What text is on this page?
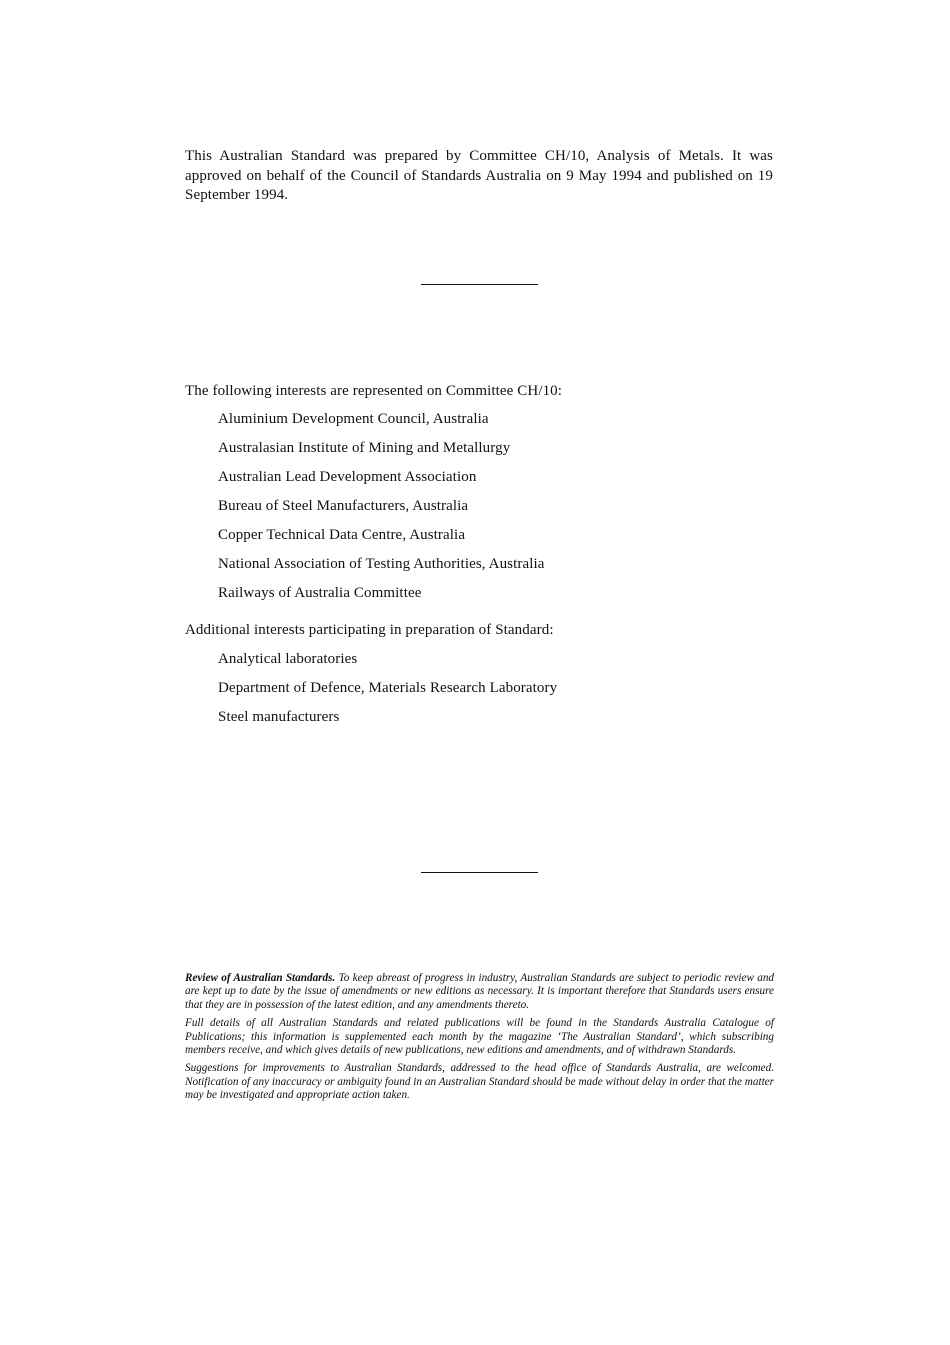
This Australian Standard was prepared by Committee CH/10, Analysis of Metals. It was approved on behalf of the Council of Standards Australia on 9 May 1994 and published on 19 September 1994.

The following interests are represented on Committee CH/10:

Aluminium Development Council, Australia
Australasian Institute of Mining and Metallurgy
Australian Lead Development Association
Bureau of Steel Manufacturers, Australia
Copper Technical Data Centre, Australia
National Association of Testing Authorities, Australia
Railways of Australia Committee

Additional interests participating in preparation of Standard:

Analytical laboratories
Department of Defence, Materials Research Laboratory
Steel manufacturers

Review of Australian Standards. To keep abreast of progress in industry, Australian Standards are subject to periodic review and are kept up to date by the issue of amendments or new editions as necessary. It is important therefore that Standards users ensure that they are in possession of the latest edition, and any amendments thereto.

Full details of all Australian Standards and related publications will be found in the Standards Australia Catalogue of Publications; this information is supplemented each month by the magazine ‘The Australian Standard’, which subscribing members receive, and which gives details of new publications, new editions and amendments, and of withdrawn Standards.

Suggestions for improvements to Australian Standards, addressed to the head office of Standards Australia, are welcomed. Notification of any inaccuracy or ambiguity found in an Australian Standard should be made without delay in order that the matter may be investigated and appropriate action taken.
